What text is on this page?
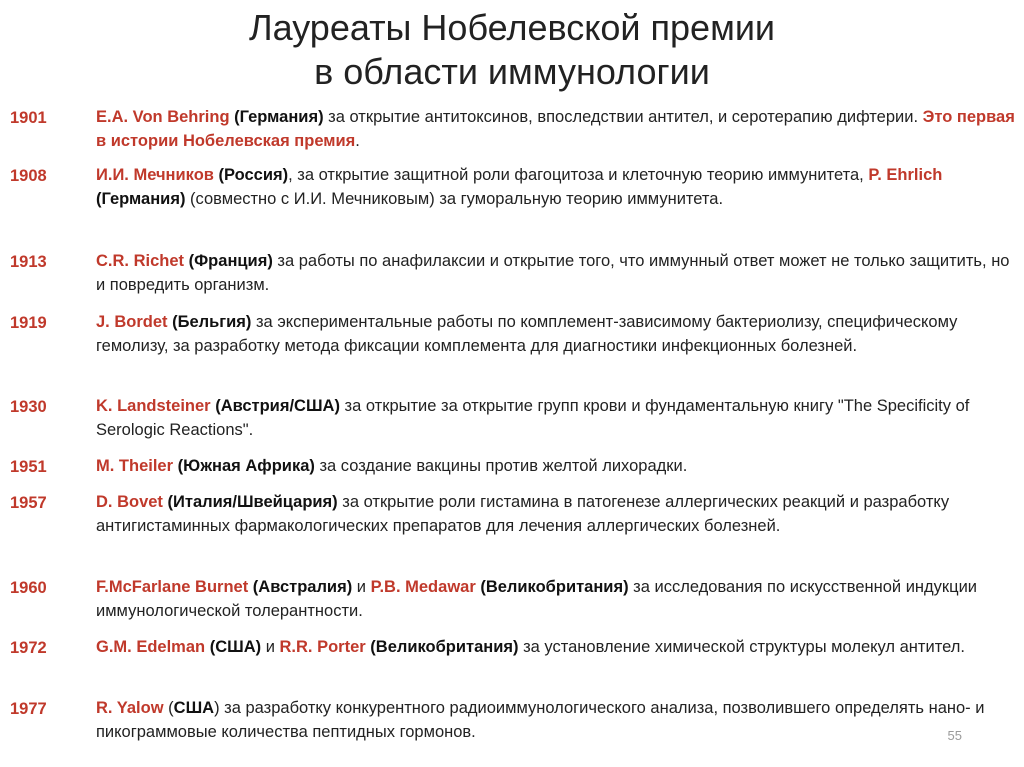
Лауреаты Нобелевской премии
в области иммунологии
1901	E.A. Von Behring (Германия) за открытие антитоксинов, впоследствии антител, и серотерапию дифтерии. Это первая в истории Нобелевская премия.
1908	И.И. Мечников (Россия), за открытие защитной роли фагоцитоза и клеточную теорию иммунитета, P. Ehrlich (Германия) (совместно с И.И. Мечниковым) за гуморальную теорию иммунитета.
1913	C.R. Richet (Франция) за работы по анафилаксии и открытие того, что иммунный ответ может не только защитить, но и повредить организм.
1919	J. Bordet (Бельгия) за экспериментальные работы по комплемент-зависимому бактериолизу, специфическому гемолизу, за разработку метода фиксации комплемента для диагностики инфекционных болезней.
1930	K. Landsteiner (Австрия/США) за открытие за открытие групп крови и фундаментальную книгу "The Specificity of Serologic Reactions".
1951	M. Theiler (Южная Африка) за создание вакцины против желтой лихорадки.
1957	D. Bovet (Италия/Швейцария) за открытие роли гистамина в патогенезе аллергических реакций и разработку антигистаминных фармакологических препаратов для лечения аллергических болезней.
1960	F.McFarlane Burnet (Австралия) и P.B. Medawar (Великобритания) за исследования по искусственной индукции иммунологической толерантности.
1972	G.M. Edelman (США) и R.R. Porter (Великобритания) за установление химической структуры молекул антител.
1977	R. Yalow (США) за разработку конкурентного радиоиммунологического анализа, позволившего определять нано- и пикограммовые количества пептидных гормонов.	55
